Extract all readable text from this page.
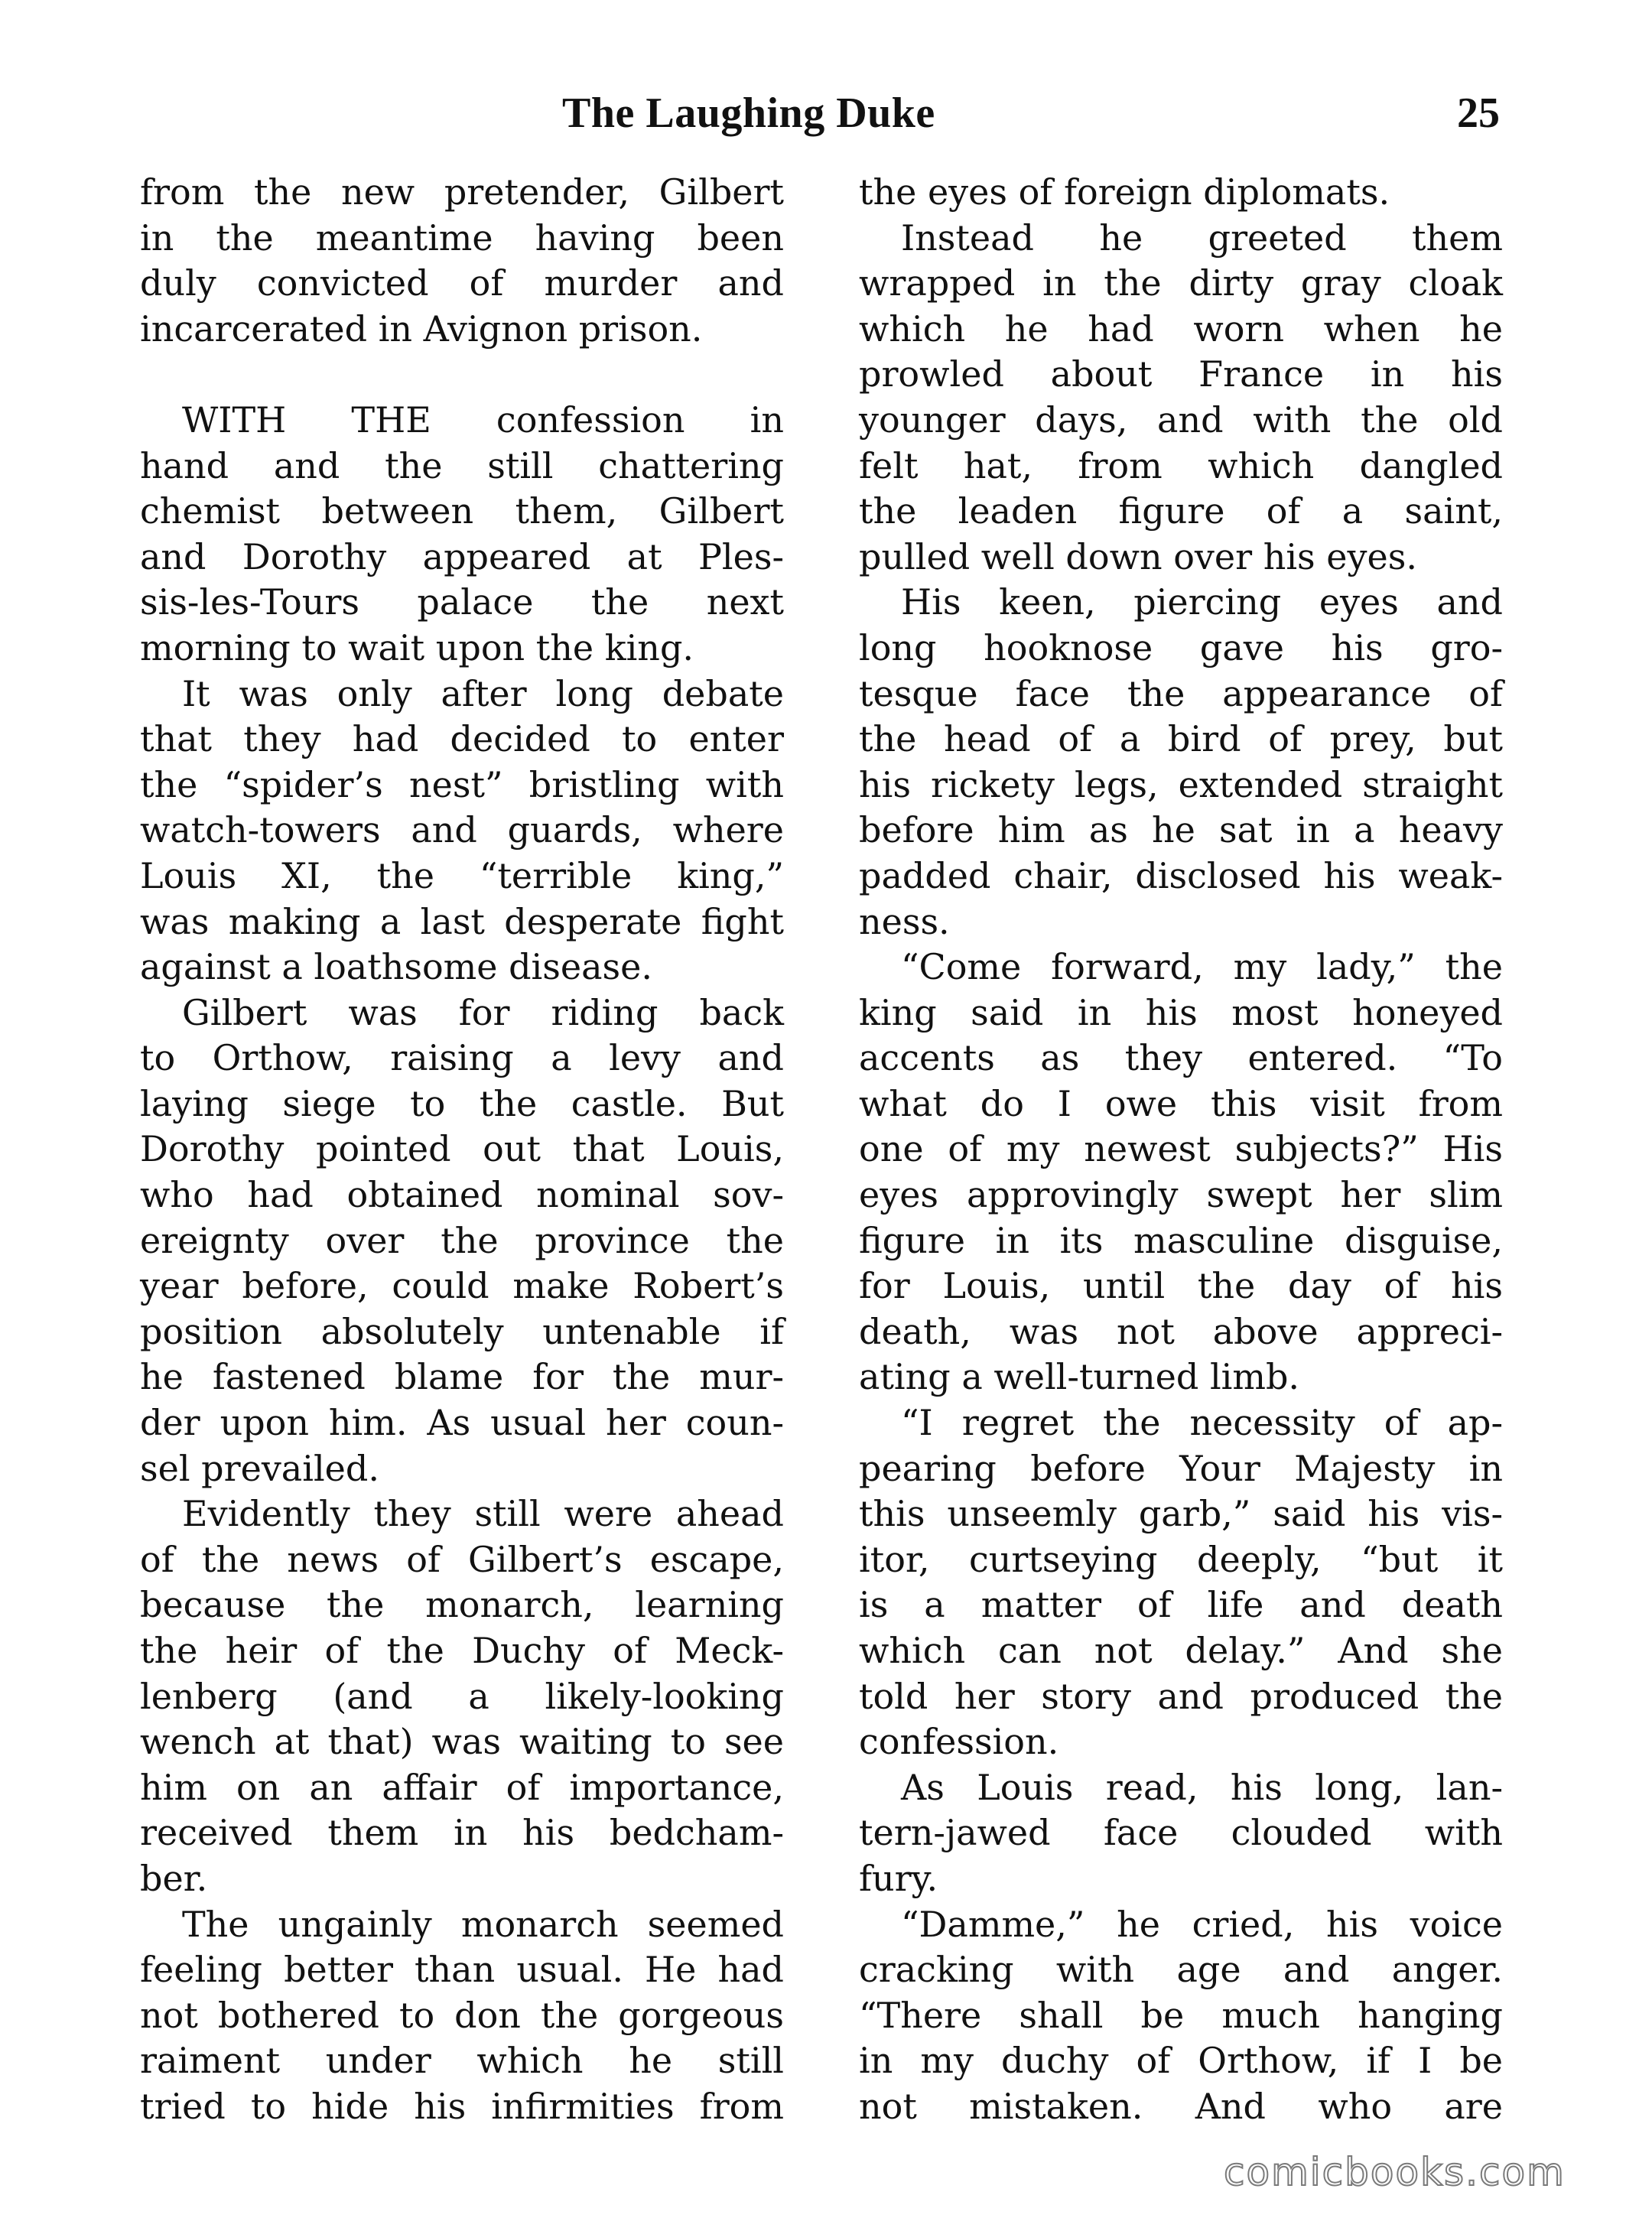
The Laughing Duke	25
from the new pretender, Gilbert
in the meantime having been
duly convicted of murder and
incarcerated in Avignon prison.
WITH THE confession in
hand and the still chattering
chemist between them, Gilbert
and Dorothy appeared at Ples-
sis-les-Tours palace the next
morning to wait upon the king.
It was only after long debate
that they had decided to enter
the “spider’s nest” bristling with
watch-towers and guards, where
Louis XI, the “terrible king,”
was making a last desperate fight
against a loathsome disease.
Gilbert was for riding back
to Orthow, raising a levy and
laying siege to the castle. But
Dorothy pointed out that Louis,
who had obtained nominal sov-
ereignty over the province the
year before, could make Robert’s
position absolutely untenable if
he fastened blame for the mur-
der upon him. As usual her coun-
sel prevailed.
Evidently they still were ahead
of the news of Gilbert’s escape,
because the monarch, learning
the heir of the Duchy of Meck-
lenberg (and a likely-looking
wench at that) was waiting to see
him on an affair of importance,
received them in his bedcham-
ber.
The ungainly monarch seemed
feeling better than usual. He had
not bothered to don the gorgeous
raiment under which he still
tried to hide his infirmities from
the eyes of foreign diplomats.
Instead he greeted them
wrapped in the dirty gray cloak
which he had worn when he
prowled about France in his
younger days, and with the old
felt hat, from which dangled
the leaden figure of a saint,
pulled well down over his eyes.
His keen, piercing eyes and
long hooknose gave his gro-
tesque face the appearance of
the head of a bird of prey, but
his rickety legs, extended straight
before him as he sat in a heavy
padded chair, disclosed his weak-
ness.
“Come forward, my lady,” the
king said in his most honeyed
accents as they entered. “To
what do I owe this visit from
one of my newest subjects?” His
eyes approvingly swept her slim
figure in its masculine disguise,
for Louis, until the day of his
death, was not above appreci-
ating a well-turned limb.
“I regret the necessity of ap-
pearing before Your Majesty in
this unseemly garb,” said his vis-
itor, curtseying deeply, “but it
is a matter of life and death
which can not delay.” And she
told her story and produced the
confession.
As Louis read, his long, lan-
tern-jawed face clouded with
fury.
“Damme,” he cried, his voice
cracking with age and anger.
“There shall be much hanging
in my duchy of Orthow, if I be
not mistaken. And who are
comicbooks.com
